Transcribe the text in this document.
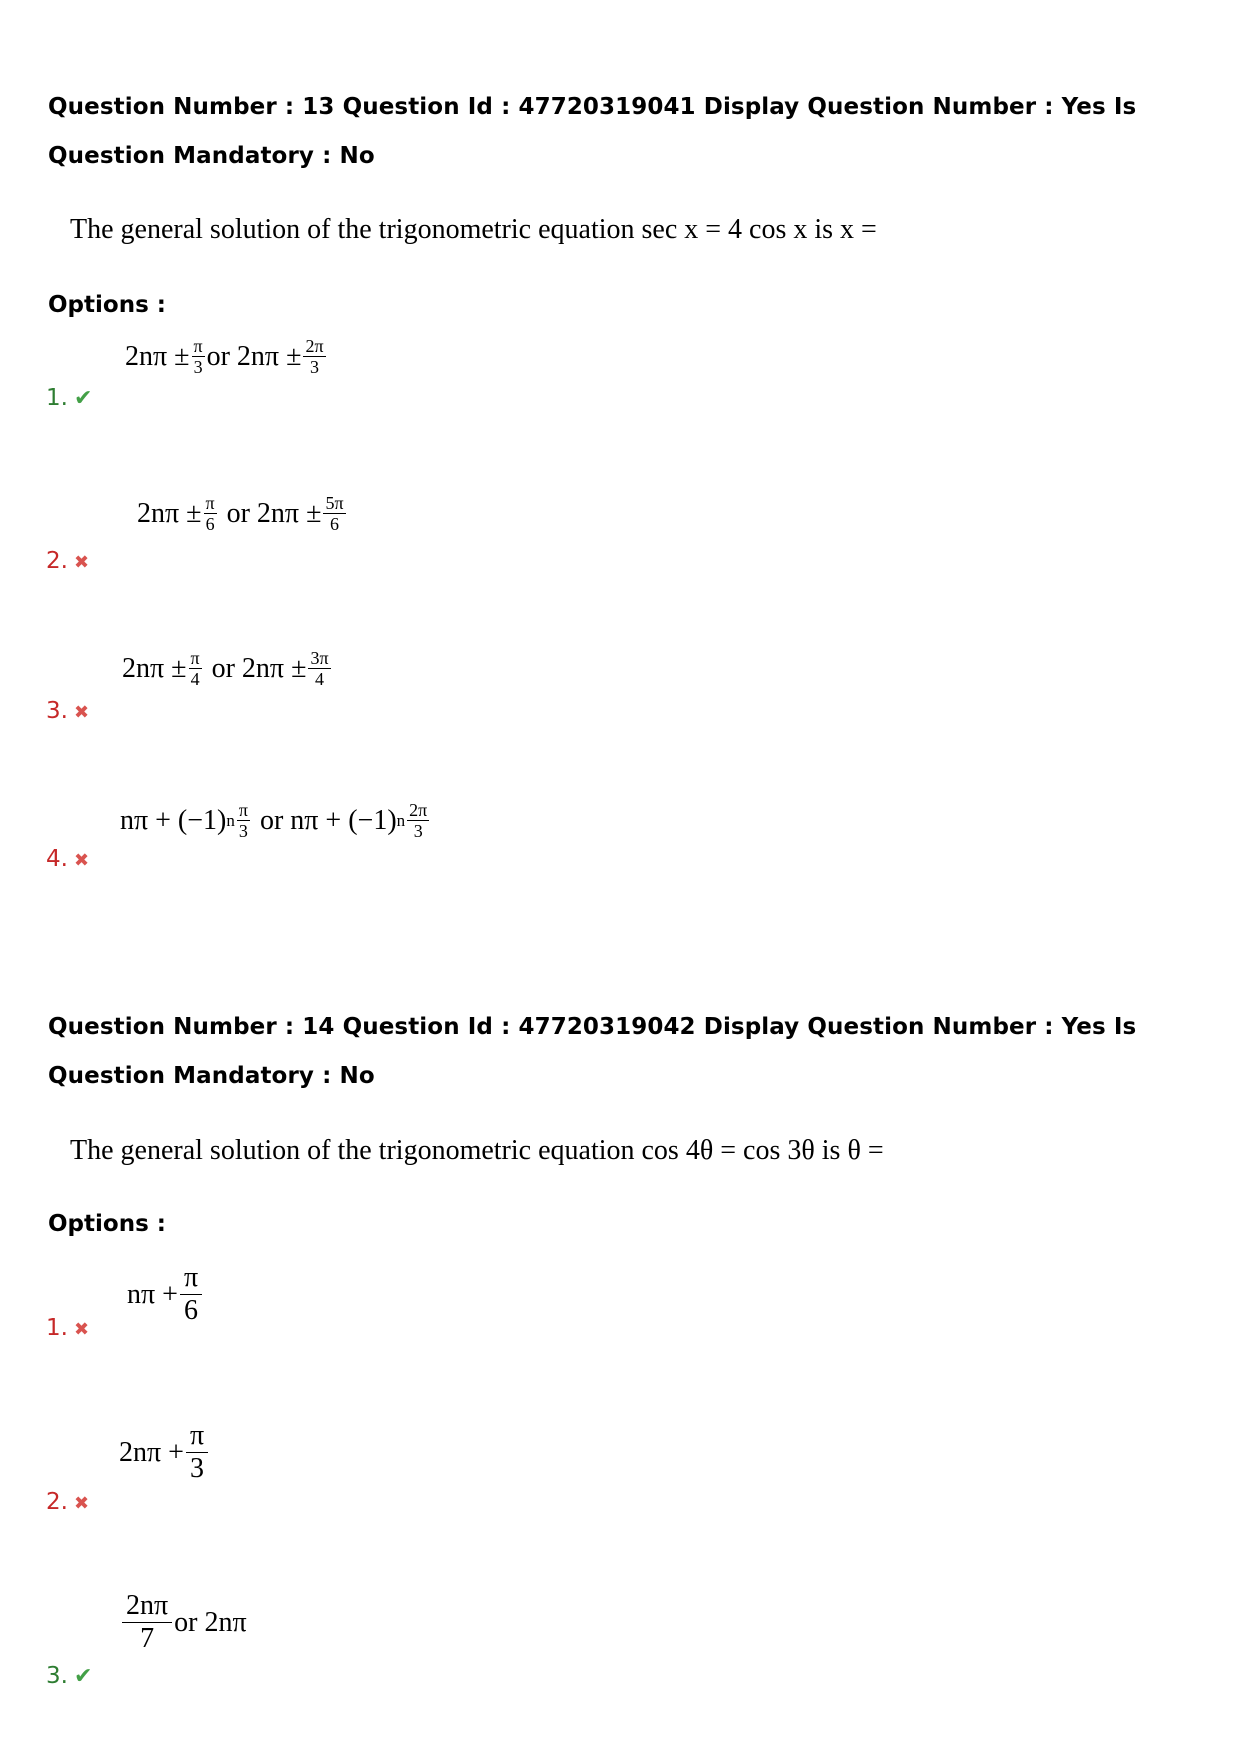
Question Number : 13 Question Id : 47720319041 Display Question Number : Yes Is Question Mandatory : No
The general solution of the trigonometric equation sec x = 4 cos x is x =
Options :
$2n\pi \pm \frac{\pi}{3}$ or $2n\pi \pm \frac{2\pi}{3}$
1. ✔
$2n\pi \pm \frac{\pi}{6}$ or $2n\pi \pm \frac{5\pi}{6}$
2. ✖
$2n\pi \pm \frac{\pi}{4}$ or $2n\pi \pm \frac{3\pi}{4}$
3. ✖
nπ + (−1) n $\frac{\pi}{3}$ or nπ + (−1) n $\frac{2\pi}{3}$
4. ✖
Question Number : 14 Question Id : 47720319042 Display Question Number : Yes Is Question Mandatory : No
The general solution of the trigonometric equation cos 4θ = cos 3θ is θ =
Options :
$n\pi + \frac{\pi}{6}$
1. ✖
$2n\pi + \frac{\pi}{3}$
2. ✖
$\frac{2n\pi}{7}$ or 2nπ
3. ✔
